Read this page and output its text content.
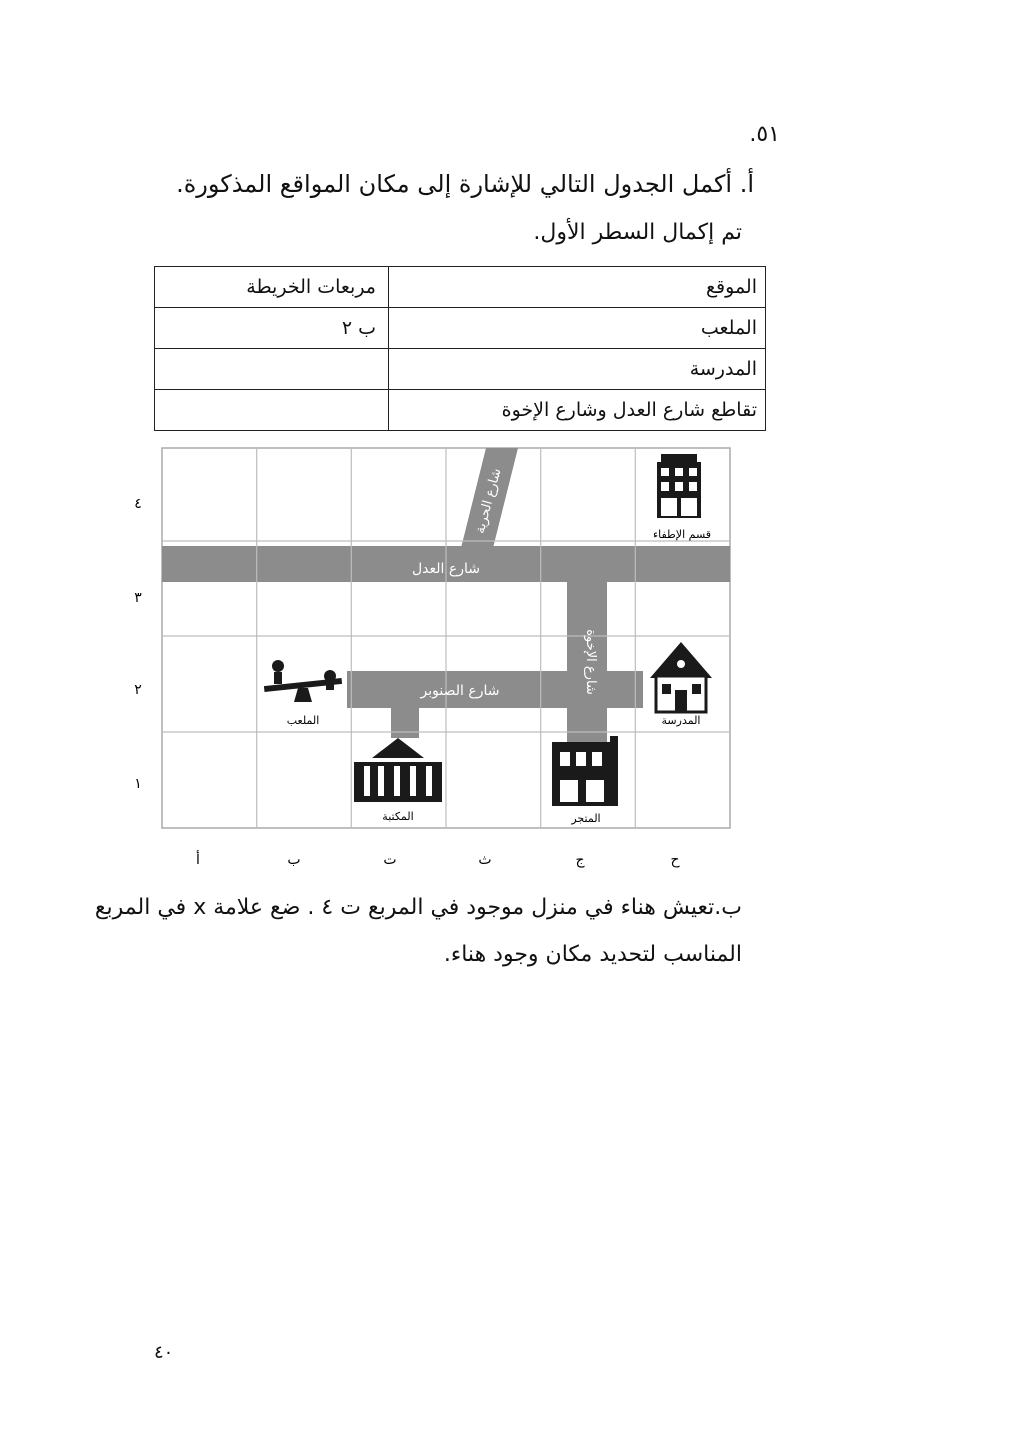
.٥١
أ. أكمل الجدول التالي للإشارة إلى مكان المواقع المذكورة.
تم إكمال السطر الأول.
الموقع	مربعات الخريطة
الملعب	ب ٢
المدرسة	
تقاطع شارع العدل وشارع الإخوة	
شارع العدل
شارع الحرية
شارع الإخوة
شارع الصنوبر
قسم الإطفاء
المدرسة
الملعب
المكتبة	المتجر
٤
٣
٢
١
أ	ب	ت	ث	ج	ح
ب.تعيش هناء في منزل موجود في المربع ت ٤ . ضع علامة x في المربع
المناسب لتحديد مكان وجود هناء.
٤٠
